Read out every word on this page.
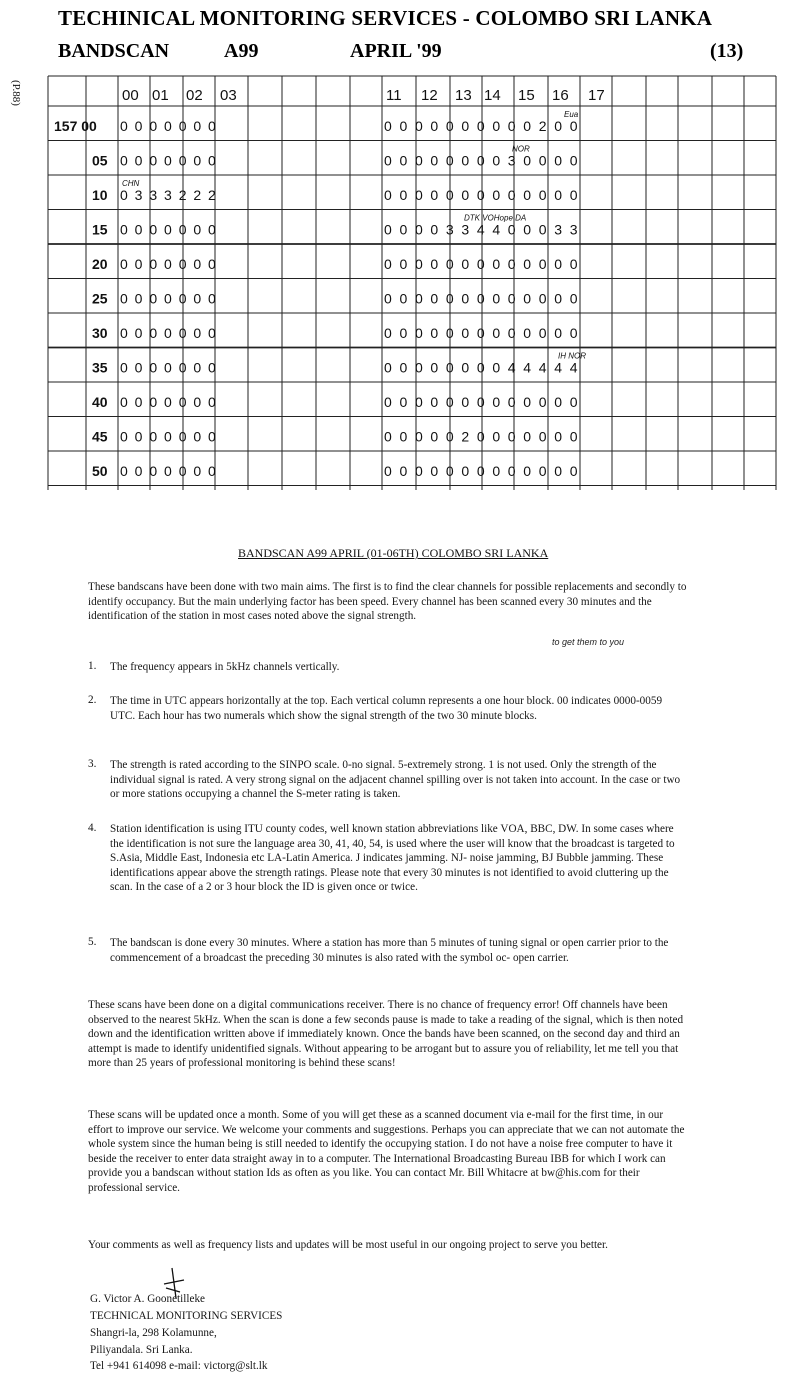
TECHINICAL MONITORING SERVICES - COLOMBO SRI LANKA
BANDSCAN	A99	APRIL '99	(13)
(P.88)	00 01 02 03	11 12 13 14 15 16 17
157 00 0 0 0 0 0 0 0	0 0 0 0 0 0 0 0 0 0 2 0 0
Eua
05 0 0 0 0 0 0 0	0 0 0 0 0 0 0 0 3 0 0 0 0
NOR
10 0 3 3 3 2 2 2	0 0 0 0 0 0 0 0 0 0 0 0 0
CHN
15 0 0 0 0 0 0 0	0 0 0 0 3 3 4 4 0 0 0 3 3
DTK VOHope DA
20 0 0 0 0 0 0 0	0 0 0 0 0 0 0 0 0 0 0 0 0
25 0 0 0 0 0 0 0	0 0 0 0 0 0 0 0 0 0 0 0 0
30 0 0 0 0 0 0 0	0 0 0 0 0 0 0 0 0 0 0 0 0
35 0 0 0 0 0 0 0	0 0 0 0 0 0 0 0 4 4 4 4 4
IH NOR
40 0 0 0 0 0 0 0	0 0 0 0 0 0 0 0 0 0 0 0 0
45 0 0 0 0 0 0 0	0 0 0 0 0 2 0 0 0 0 0 0 0
50 0 0 0 0 0 0 0	0 0 0 0 0 0 0 0 0 0 0 0 0
BANDSCAN A99 APRIL (01-06TH) COLOMBO SRI LANKA
These bandscans have been done with two main aims. The first is to find the clear channels for possible replacements and secondly to identify occupancy. But the main underlying factor has been speed. Every channel has been scanned every 30 minutes and the identification of the station in most cases noted above the signal strength.
to get them to you
1. The frequency appears in 5kHz channels vertically.
2. The time in UTC appears horizontally at the top. Each vertical column represents a one hour block. 00 indicates 0000-0059 UTC. Each hour has two numerals which show the signal strength of the two 30 minute blocks.
3. The strength is rated according to the SINPO scale. 0-no signal. 5-extremely strong. 1 is not used. Only the strength of the individual signal is rated. A very strong signal on the adjacent channel spilling over is not taken into account. In the case or two or more stations occupying a channel the S-meter rating is taken.
4. Station identification is using ITU county codes, well known station abbreviations like VOA, BBC, DW. In some cases where the identification is not sure the language area 30, 41, 40, 54, is used where the user will know that the broadcast is targeted to S.Asia, Middle East, Indonesia etc LA-Latin America. J indicates jamming. NJ- noise jamming, BJ Bubble jamming. These identifications appear above the strength ratings. Please note that every 30 minutes is not identified to avoid cluttering up the scan. In the case of a 2 or 3 hour block the ID is given once or twice.
5. The bandscan is done every 30 minutes. Where a station has more than 5 minutes of tuning signal or open carrier prior to the commencement of a broadcast the preceding 30 minutes is also rated with the symbol oc- open carrier.
These scans have been done on a digital communications receiver. There is no chance of frequency error! Off channels have been observed to the nearest 5kHz. When the scan is done a few seconds pause is made to take a reading of the signal, which is then noted down and the identification written above if immediately known. Once the bands have been scanned, on the second day and third an attempt is made to identify unidentified signals. Without appearing to be arrogant but to assure you of reliability, let me tell you that more than 25 years of professional monitoring is behind these scans!
These scans will be updated once a month. Some of you will get these as a scanned document via e-mail for the first time, in our effort to improve our service. We welcome your comments and suggestions. Perhaps you can appreciate that we can not automate the whole system since the human being is still needed to identify the occupying station. I do not have a noise free computer to have it beside the receiver to enter data straight away in to a computer. The International Broadcasting Bureau IBB for which I work can provide you a bandscan without station Ids as often as you like. You can contact Mr. Bill Whitacre at bw@his.com for their professional service.
Your comments as well as frequency lists and updates will be most useful in our ongoing project to serve you better.
G. Victor A. Goonetilleke
TECHNICAL MONITORING SERVICES
Shangri-la, 298 Kolamunne,
Piliyandala. Sri Lanka.
Tel +941 614098 e-mail: victorg@slt.lk
